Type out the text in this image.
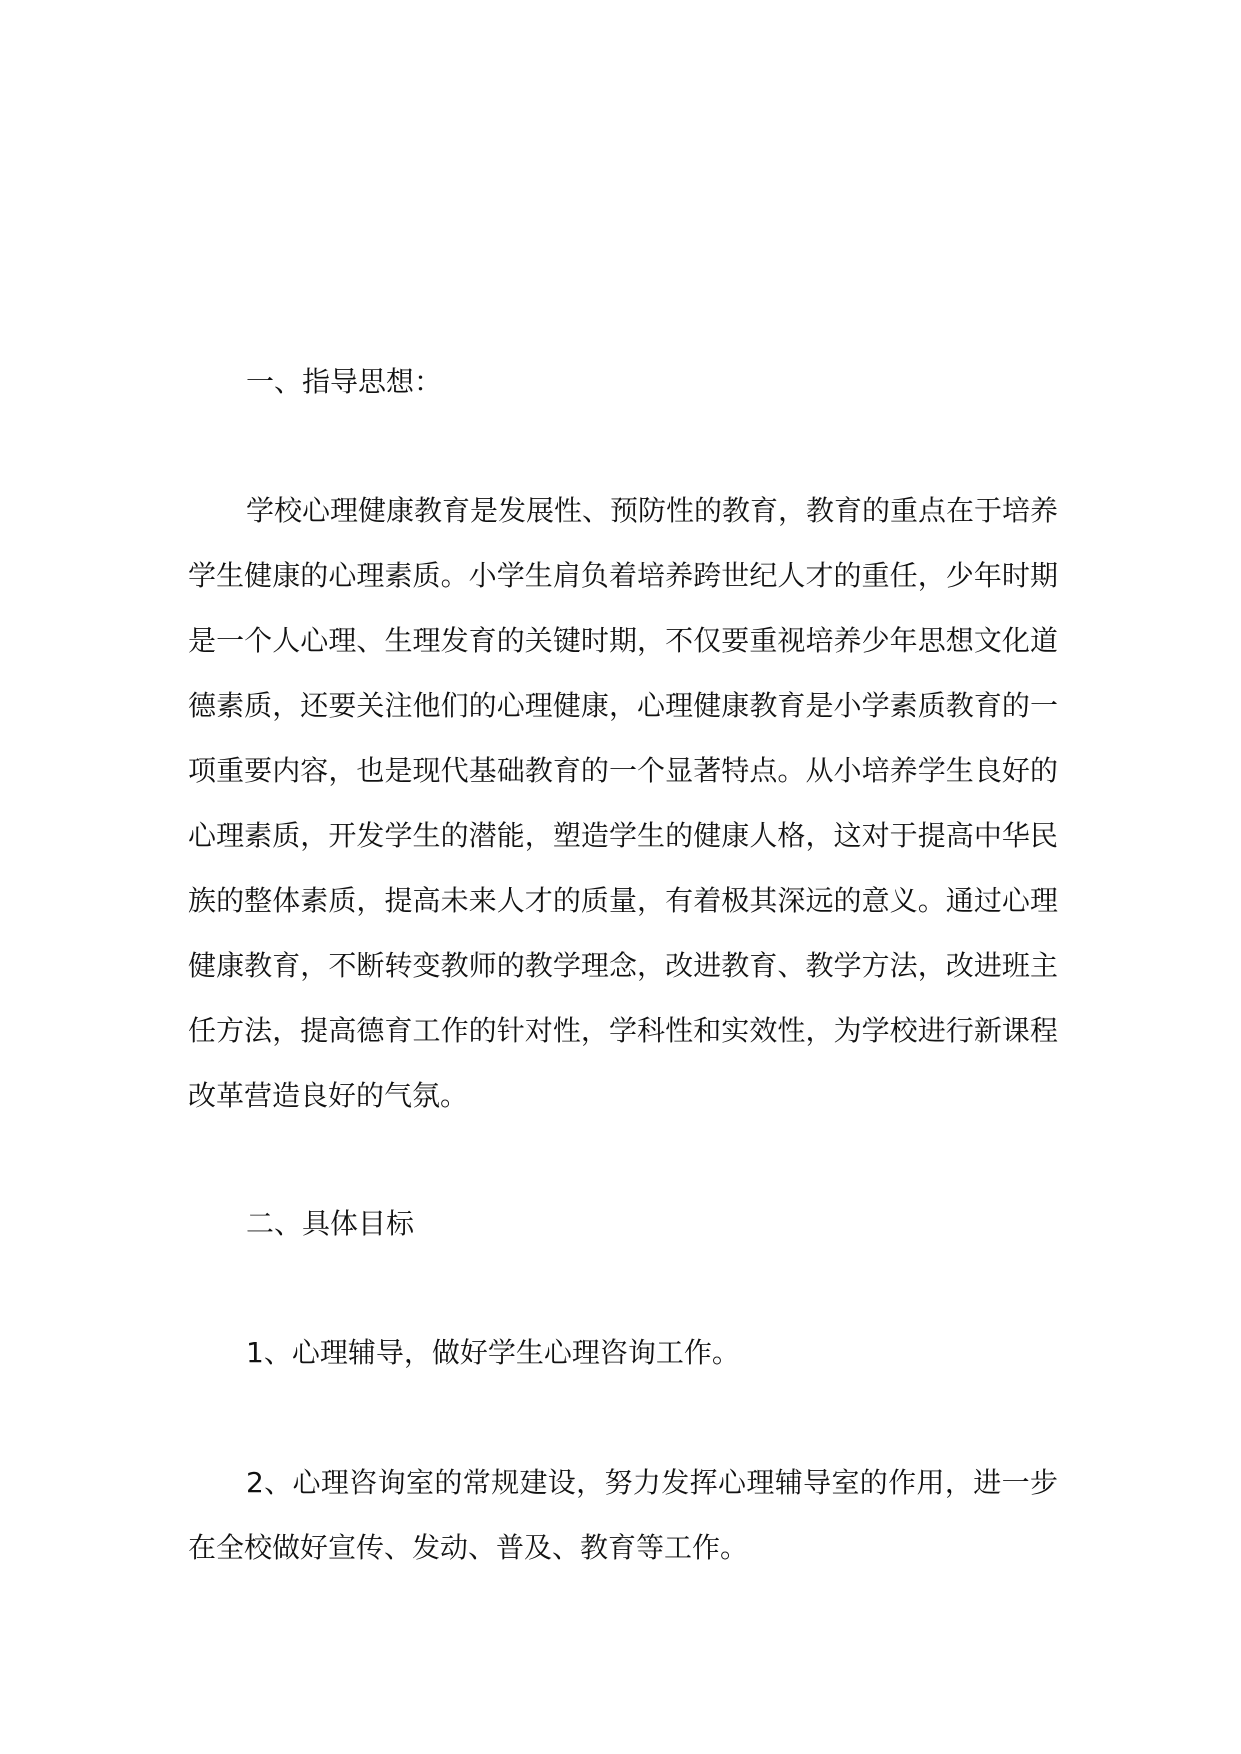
一、指导思想：

学校心理健康教育是发展性、预防性的教育，教育的重点在于培养学生健康的心理素质。小学生肩负着培养跨世纪人才的重任，少年时期是一个人心理、生理发育的关键时期，不仅要重视培养少年思想文化道德素质，还要关注他们的心理健康，心理健康教育是小学素质教育的一项重要内容，也是现代基础教育的一个显著特点。从小培养学生良好的心理素质，开发学生的潜能，塑造学生的健康人格，这对于提高中华民族的整体素质，提高未来人才的质量，有着极其深远的意义。通过心理健康教育，不断转变教师的教学理念，改进教育、教学方法，改进班主任方法，提高德育工作的针对性，学科性和实效性，为学校进行新课程改革营造良好的气氛。

二、具体目标

1、心理辅导，做好学生心理咨询工作。

2、心理咨询室的常规建设，努力发挥心理辅导室的作用，进一步在全校做好宣传、发动、普及、教育等工作。
